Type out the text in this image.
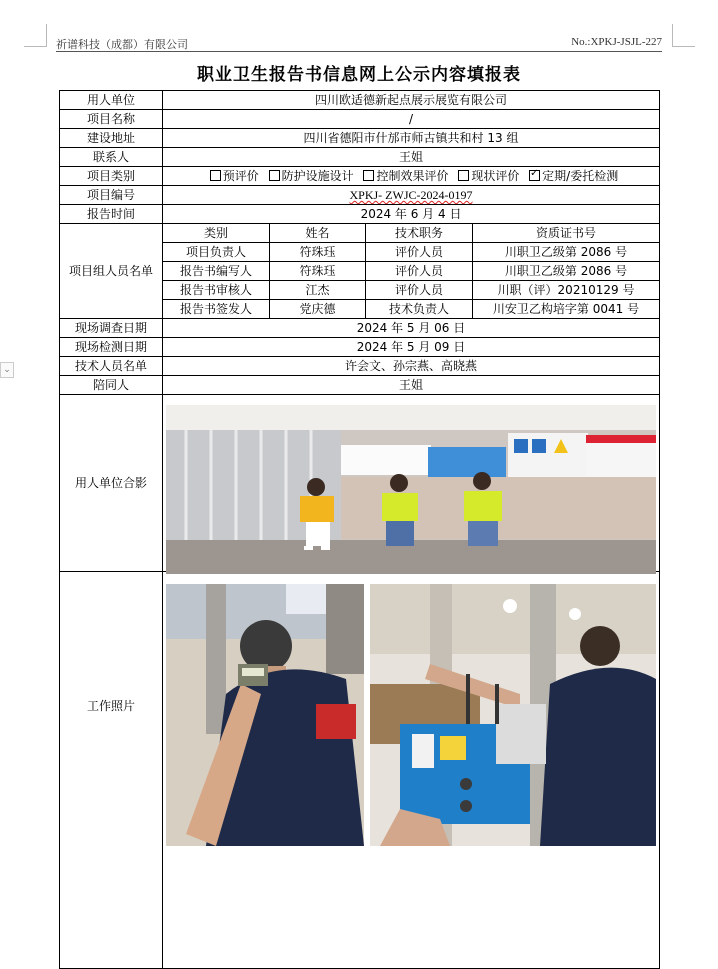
⌄
祈谱科技（成都）有限公司	No.:XPKJ-JSJL-227
职业卫生报告书信息网上公示内容填报表
用人单位	四川欧适德新起点展示展览有限公司			
项目名称	/			
建设地址	四川省德阳市什邡市师古镇共和村 13 组			
联系人	王姐			
项目类别	预评价 防护设施设计 控制效果评价 现状评价 ✓ 定期/委托检测
项目编号	XPKJ- ZWJC-2024-0197			
报告时间	2024 年 6 月 4 日			
项目组人员名单	类别	姓名	技术职务	资质证书号
	项目负责人	符珠珏	评价人员	川职卫乙级第 2086 号
	报告书编写人	符珠珏	评价人员	川职卫乙级第 2086 号
	报告书审核人	江杰	评价人员	川职（评）20210129 号
	报告书签发人	党庆德	技术负责人	川安卫乙构培字第 0041 号
现场调查日期	2024 年 5 月 06 日			
现场检测日期	2024 年 5 月 09 日			
技术人员名单	许会文、孙宗燕、高晓燕			
陪同人	王姐			
用人单位合影				
工作照片				
